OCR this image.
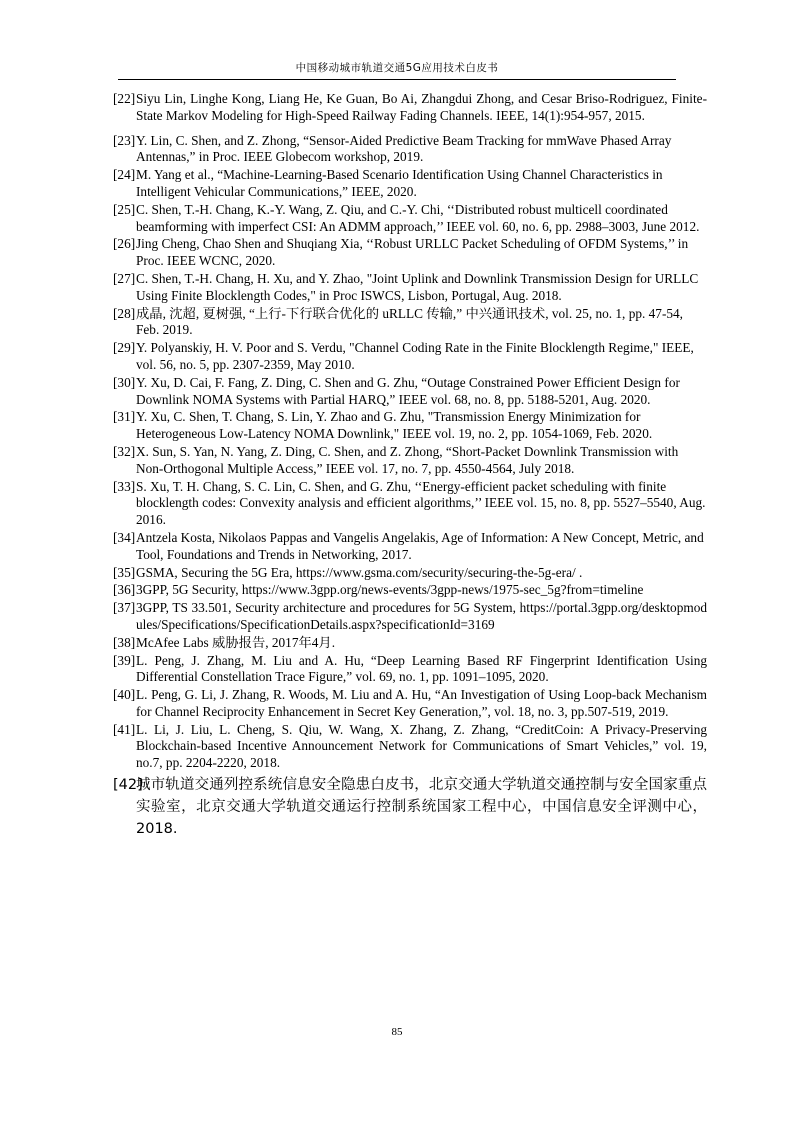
中国移动城市轨道交通5G应用技术白皮书
[22] Siyu Lin, Linghe Kong, Liang He, Ke Guan, Bo Ai, Zhangdui Zhong, and Cesar Briso-Rodriguez, Finite-State Markov Modeling for High-Speed Railway Fading Channels. IEEE, 14(1):954-957, 2015.
[23] Y. Lin, C. Shen, and Z. Zhong, “Sensor-Aided Predictive Beam Tracking for mmWave Phased Array Antennas,” in Proc. IEEE Globecom workshop, 2019.
[24] M. Yang et al., “Machine-Learning-Based Scenario Identification Using Channel Characteristics in Intelligent Vehicular Communications,” IEEE, 2020.
[25] C. Shen, T.-H. Chang, K.-Y. Wang, Z. Qiu, and C.-Y. Chi, ‘‘Distributed robust multicell coordinated beamforming with imperfect CSI: An ADMM approach,’’ IEEE vol. 60, no. 6, pp. 2988–3003, June 2012.
[26] Jing Cheng, Chao Shen and Shuqiang Xia, ‘‘Robust URLLC Packet Scheduling of OFDM Systems,’’ in Proc. IEEE WCNC, 2020.
[27] C. Shen, T.-H. Chang, H. Xu, and Y. Zhao, "Joint Uplink and Downlink Transmission Design for URLLC Using Finite Blocklength Codes," in Proc ISWCS, Lisbon, Portugal, Aug. 2018.
[28] 成晶, 沈超, 夏树强, “上行-下行联合优化的 uRLLC 传输,” 中兴通讯技术, vol. 25, no. 1, pp. 47-54, Feb. 2019.
[29] Y. Polyanskiy, H. V. Poor and S. Verdu, "Channel Coding Rate in the Finite Blocklength Regime," IEEE, vol. 56, no. 5, pp. 2307-2359, May 2010.
[30] Y. Xu, D. Cai, F. Fang, Z. Ding, C. Shen and G. Zhu, “Outage Constrained Power Efficient Design for Downlink NOMA Systems with Partial HARQ,” IEEE vol. 68, no. 8, pp. 5188-5201, Aug. 2020.
[31] Y. Xu, C. Shen, T. Chang, S. Lin, Y. Zhao and G. Zhu, "Transmission Energy Minimization for Heterogeneous Low-Latency NOMA Downlink," IEEE vol. 19, no. 2, pp. 1054-1069, Feb. 2020.
[32] X. Sun, S. Yan, N. Yang, Z. Ding, C. Shen, and Z. Zhong, “Short-Packet Downlink Transmission with Non-Orthogonal Multiple Access,” IEEE vol. 17, no. 7, pp. 4550-4564, July 2018.
[33] S. Xu, T. H. Chang, S. C. Lin, C. Shen, and G. Zhu, ‘‘Energy-efficient packet scheduling with finite blocklength codes: Convexity analysis and efficient algorithms,’’ IEEE vol. 15, no. 8, pp. 5527–5540, Aug. 2016.
[34] Antzela Kosta, Nikolaos Pappas and Vangelis Angelakis, Age of Information: A New Concept, Metric, and Tool, Foundations and Trends in Networking, 2017.
[35] GSMA, Securing the 5G Era, https://www.gsma.com/security/securing-the-5g-era/ .
[36] 3GPP, 5G Security, https://www.3gpp.org/news-events/3gpp-news/1975-sec_5g?from=timeline
[37] 3GPP, TS 33.501, Security architecture and procedures for 5G System, https://portal.3gpp.org/desktopmodules/Specifications/SpecificationDetails.aspx?specificationId=3169
[38] McAfee Labs 威胁报告, 2017年4月.
[39] L. Peng, J. Zhang, M. Liu and A. Hu, “Deep Learning Based RF Fingerprint Identification Using Differential Constellation Trace Figure,” vol. 69, no. 1, pp. 1091–1095, 2020.
[40] L. Peng, G. Li, J. Zhang, R. Woods, M. Liu and A. Hu, “An Investigation of Using Loop-back Mechanism for Channel Reciprocity Enhancement in Secret Key Generation,”, vol. 18, no. 3, pp.507-519, 2019.
[41] L. Li, J. Liu, L. Cheng, S. Qiu, W. Wang, X. Zhang, Z. Zhang, “CreditCoin: A Privacy-Preserving Blockchain-based Incentive Announcement Network for Communications of Smart Vehicles,” vol. 19, no.7, pp. 2204-2220, 2018.
[42]
城市轨道交通列控系统信息安全隐患白皮书，北京交通大学轨道交通控制与安全国家重点实验室，北京交通大学轨道交通运行控制系统国家工程中心，中国信息安全评测中心，2018.
85
